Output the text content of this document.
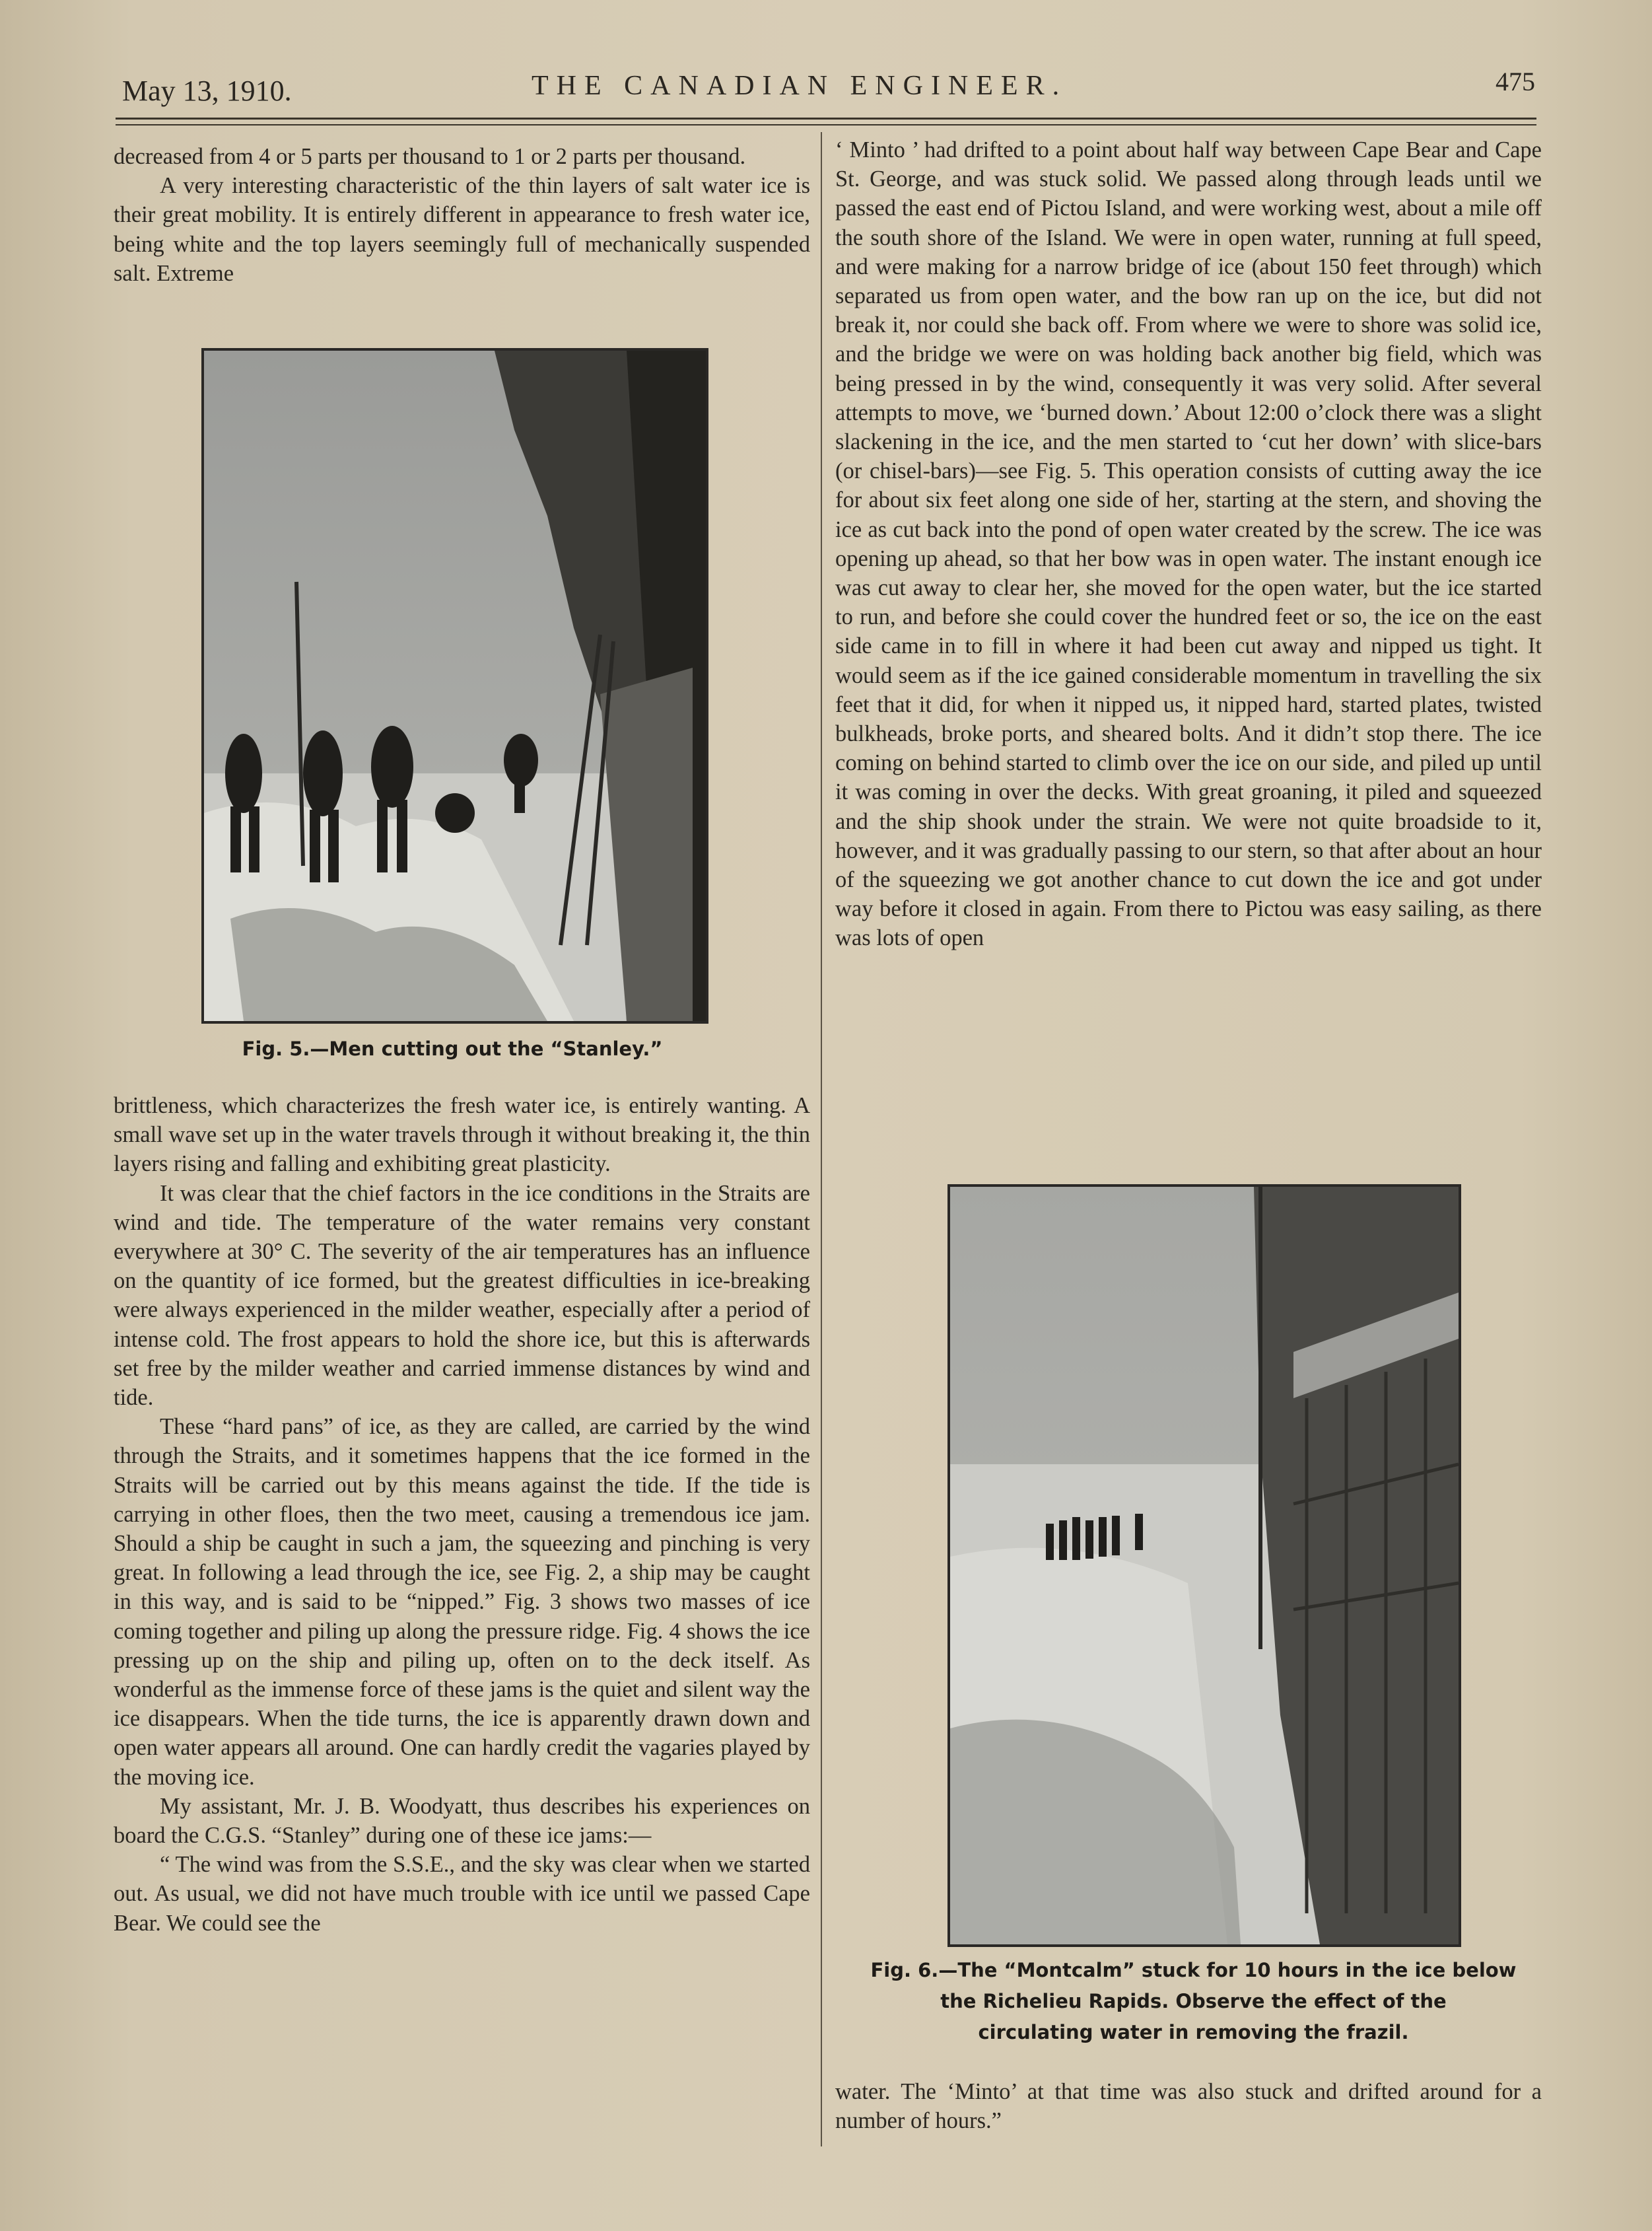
May 13, 1910.	THE CANADIAN ENGINEER.	475

decreased from 4 or 5 parts per thousand to 1 or 2 parts per thousand.

A very interesting characteristic of the thin layers of salt water ice is their great mobility. It is entirely different in appearance to fresh water ice, being white and the top layers seemingly full of mechanically suspended salt. Extreme

Fig. 5.—Men cutting out the “Stanley.”

brittleness, which characterizes the fresh water ice, is entirely wanting. A small wave set up in the water travels through it without breaking it, the thin layers rising and falling and exhibiting great plasticity.

It was clear that the chief factors in the ice conditions in the Straits are wind and tide. The temperature of the water remains very constant everywhere at 30° C. The severity of the air temperatures has an influence on the quantity of ice formed, but the greatest difficulties in ice-breaking were always experienced in the milder weather, especially after a period of intense cold. The frost appears to hold the shore ice, but this is afterwards set free by the milder weather and carried immense distances by wind and tide.

These “hard pans” of ice, as they are called, are carried by the wind through the Straits, and it sometimes happens that the ice formed in the Straits will be carried out by this means against the tide. If the tide is carrying in other floes, then the two meet, causing a tremendous ice jam. Should a ship be caught in such a jam, the squeezing and pinching is very great. In following a lead through the ice, see Fig. 2, a ship may be caught in this way, and is said to be “nipped.” Fig. 3 shows two masses of ice coming together and piling up along the pressure ridge. Fig. 4 shows the ice pressing up on the ship and piling up, often on to the deck itself. As wonderful as the immense force of these jams is the quiet and silent way the ice disappears. When the tide turns, the ice is apparently drawn down and open water appears all around. One can hardly credit the vagaries played by the moving ice.

My assistant, Mr. J. B. Woodyatt, thus describes his experiences on board the C.G.S. “Stanley” during one of these ice jams:—

“ The wind was from the S.S.E., and the sky was clear when we started out. As usual, we did not have much trouble with ice until we passed Cape Bear. We could see the

‘ Minto ’ had drifted to a point about half way between Cape Bear and Cape St. George, and was stuck solid. We passed along through leads until we passed the east end of Pictou Island, and were working west, about a mile off the south shore of the Island. We were in open water, running at full speed, and were making for a narrow bridge of ice (about 150 feet through) which separated us from open water, and the bow ran up on the ice, but did not break it, nor could she back off. From where we were to shore was solid ice, and the bridge we were on was holding back another big field, which was being pressed in by the wind, consequently it was very solid. After several attempts to move, we ‘burned down.’ About 12:00 o’clock there was a slight slackening in the ice, and the men started to ‘cut her down’ with slice-bars (or chisel-bars)—see Fig. 5. This operation consists of cutting away the ice for about six feet along one side of her, starting at the stern, and shoving the ice as cut back into the pond of open water created by the screw. The ice was opening up ahead, so that her bow was in open water. The instant enough ice was cut away to clear her, she moved for the open water, but the ice started to run, and before she could cover the hundred feet or so, the ice on the east side came in to fill in where it had been cut away and nipped us tight. It would seem as if the ice gained considerable momentum in travelling the six feet that it did, for when it nipped us, it nipped hard, started plates, twisted bulkheads, broke ports, and sheared bolts. And it didn’t stop there. The ice coming on behind started to climb over the ice on our side, and piled up until it was coming in over the decks. With great groaning, it piled and squeezed and the ship shook under the strain. We were not quite broadside to it, however, and it was gradually passing to our stern, so that after about an hour of the squeezing we got another chance to cut down the ice and got under way before it closed in again. From there to Pictou was easy sailing, as there was lots of open

Fig. 6.—The “Montcalm” stuck for 10 hours in the ice below
the Richelieu Rapids. Observe the effect of the
circulating water in removing the frazil.

water. The ‘Minto’ at that time was also stuck and drifted around for a number of hours.”
